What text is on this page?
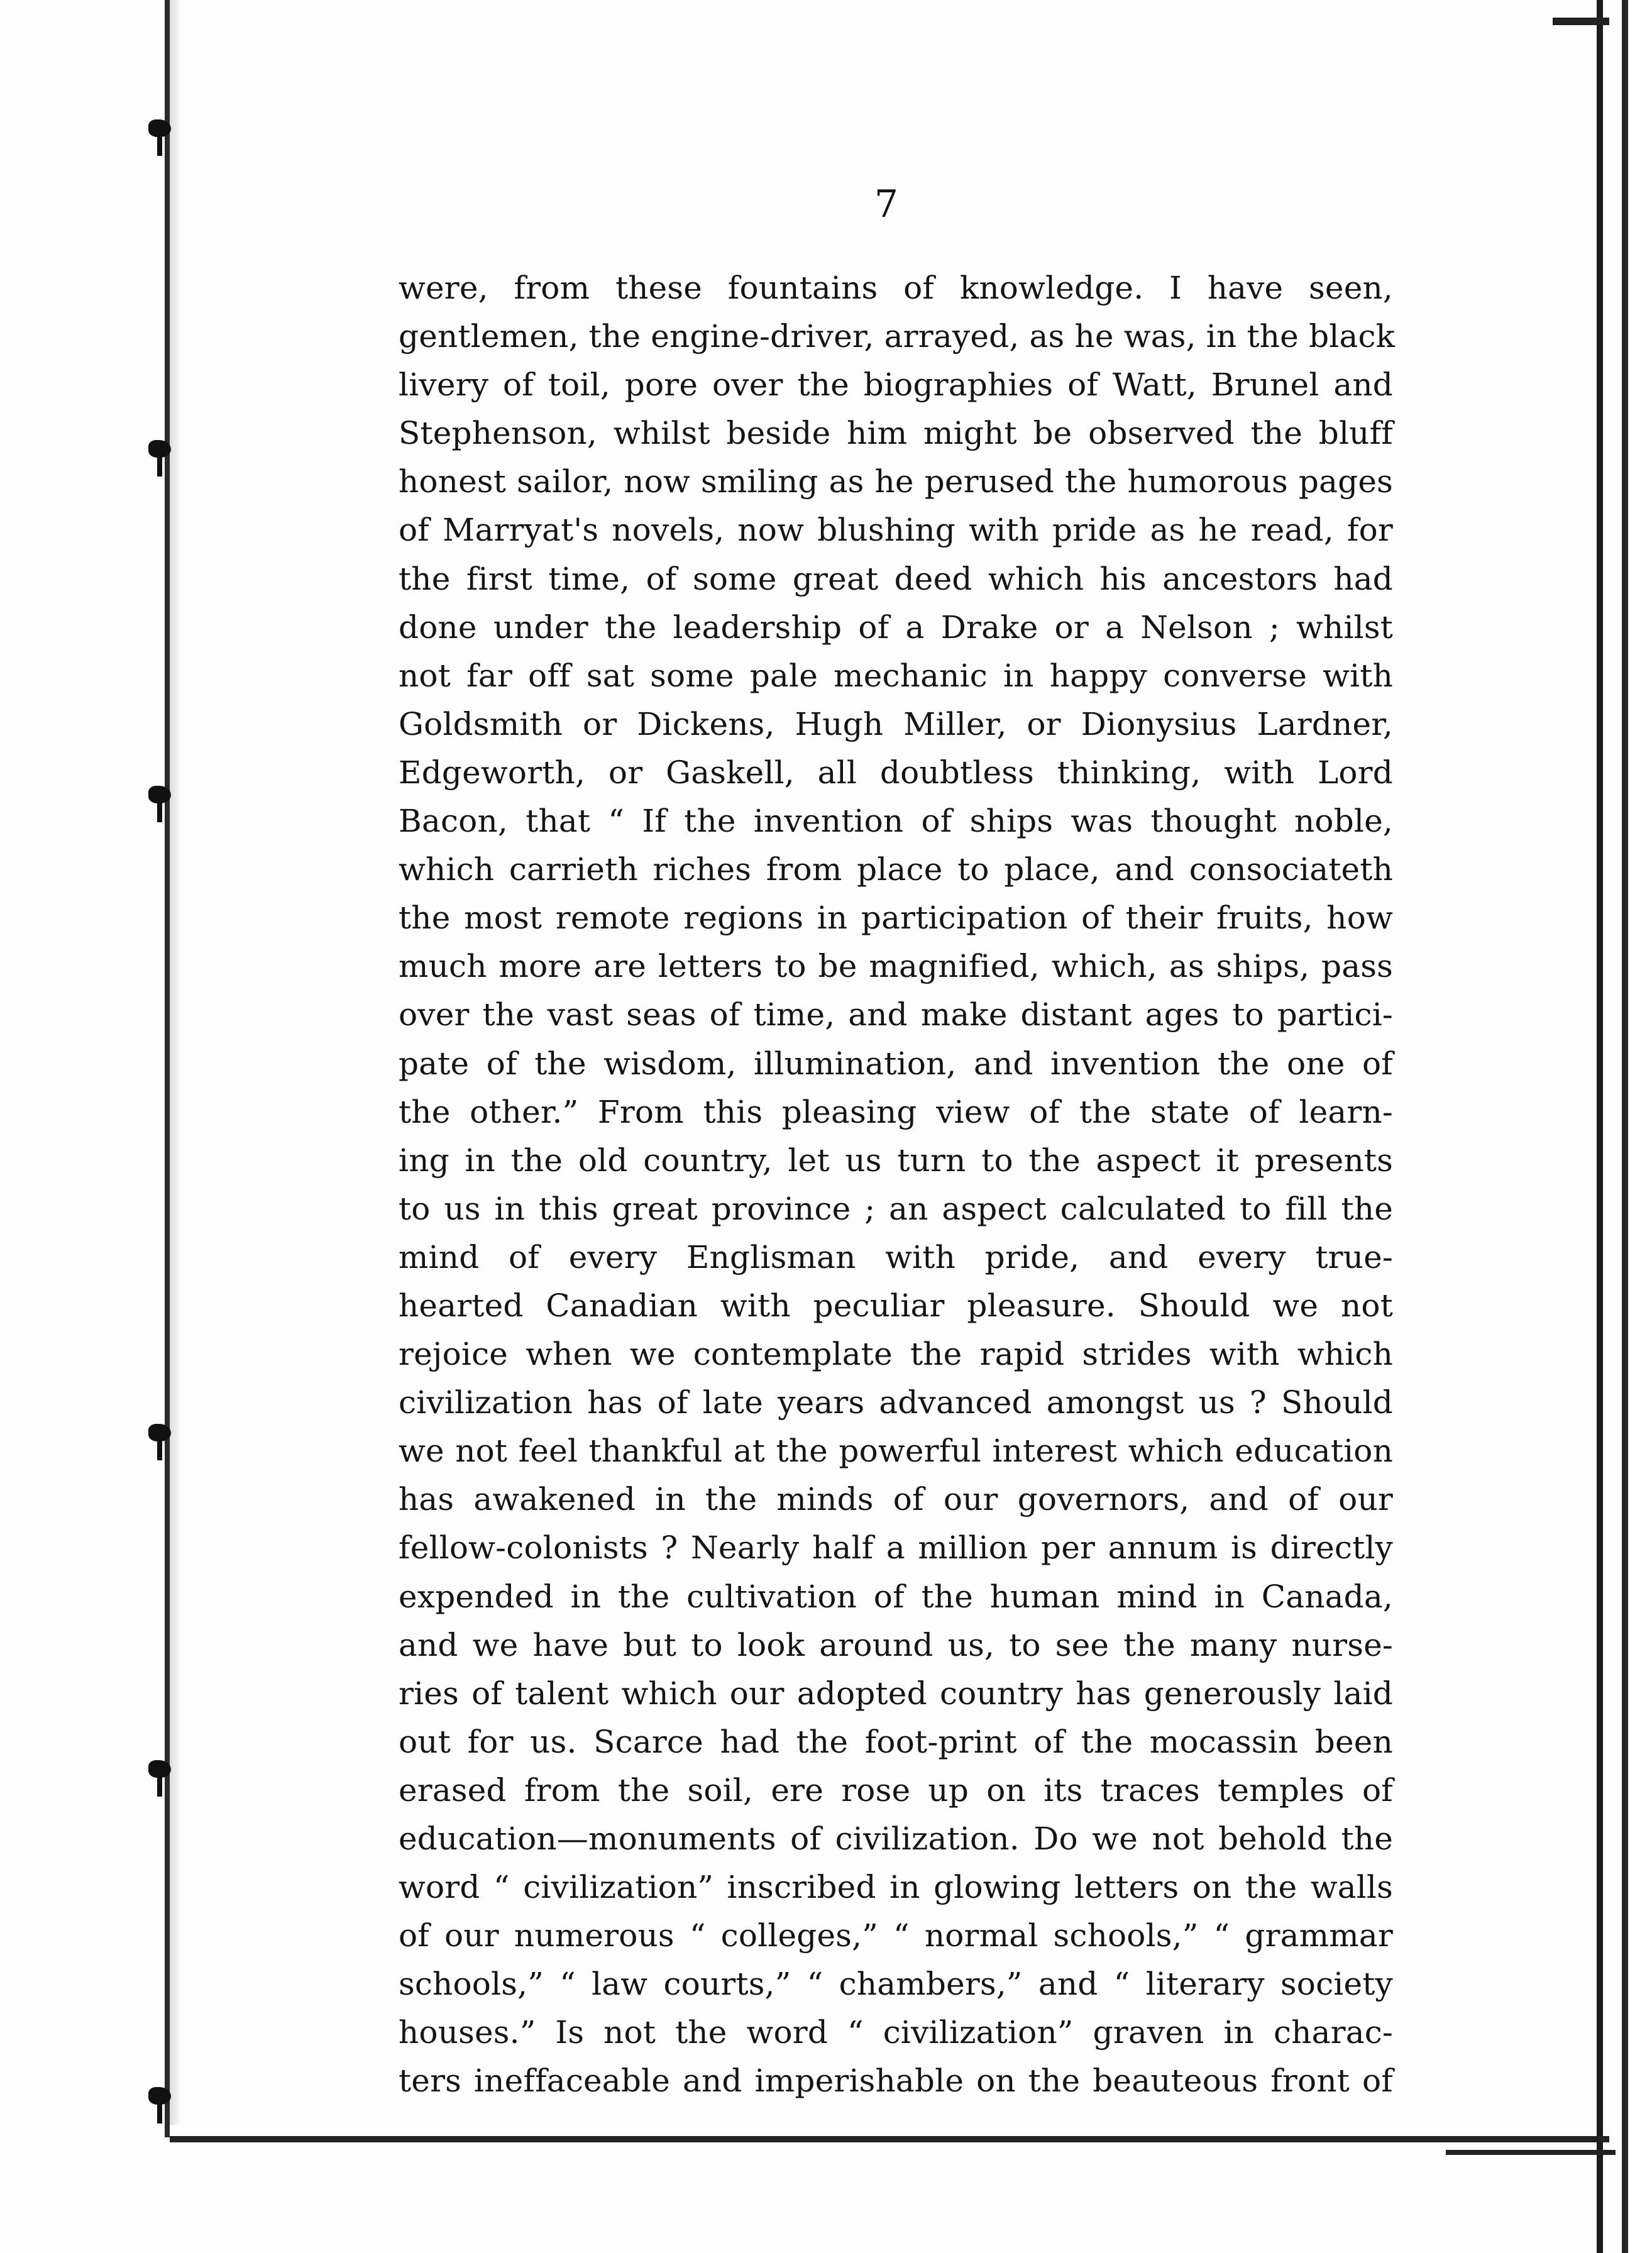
7
were, from these fountains of knowledge. I have seen,
gentlemen, the engine-driver, arrayed, as he was, in the black
livery of toil, pore over the biographies of Watt, Brunel and
Stephenson, whilst beside him might be observed the bluff
honest sailor, now smiling as he perused the humorous pages
of Marryat's novels, now blushing with pride as he read, for
the first time, of some great deed which his ancestors had
done under the leadership of a Drake or a Nelson ; whilst
not far off sat some pale mechanic in happy converse with
Goldsmith or Dickens, Hugh Miller, or Dionysius Lardner,
Edgeworth, or Gaskell, all doubtless thinking, with Lord
Bacon, that “ If the invention of ships was thought noble,
which carrieth riches from place to place, and consociateth
the most remote regions in participation of their fruits, how
much more are letters to be magnified, which, as ships, pass
over the vast seas of time, and make distant ages to partici-
pate of the wisdom, illumination, and invention the one of
the other.” From this pleasing view of the state of learn-
ing in the old country, let us turn to the aspect it presents
to us in this great province ; an aspect calculated to fill the
mind of every Englisman with pride, and every true-
hearted Canadian with peculiar pleasure. Should we not
rejoice when we contemplate the rapid strides with which
civilization has of late years advanced amongst us ? Should
we not feel thankful at the powerful interest which education
has awakened in the minds of our governors, and of our
fellow-colonists ? Nearly half a million per annum is directly
expended in the cultivation of the human mind in Canada,
and we have but to look around us, to see the many nurse-
ries of talent which our adopted country has generously laid
out for us. Scarce had the foot-print of the mocassin been
erased from the soil, ere rose up on its traces temples of
education—monuments of civilization. Do we not behold the
word “ civilization” inscribed in glowing letters on the walls
of our numerous “ colleges,” “ normal schools,” “ grammar
schools,” “ law courts,” “ chambers,” and “ literary society
houses.” Is not the word “ civilization” graven in charac-
ters ineffaceable and imperishable on the beauteous front of
